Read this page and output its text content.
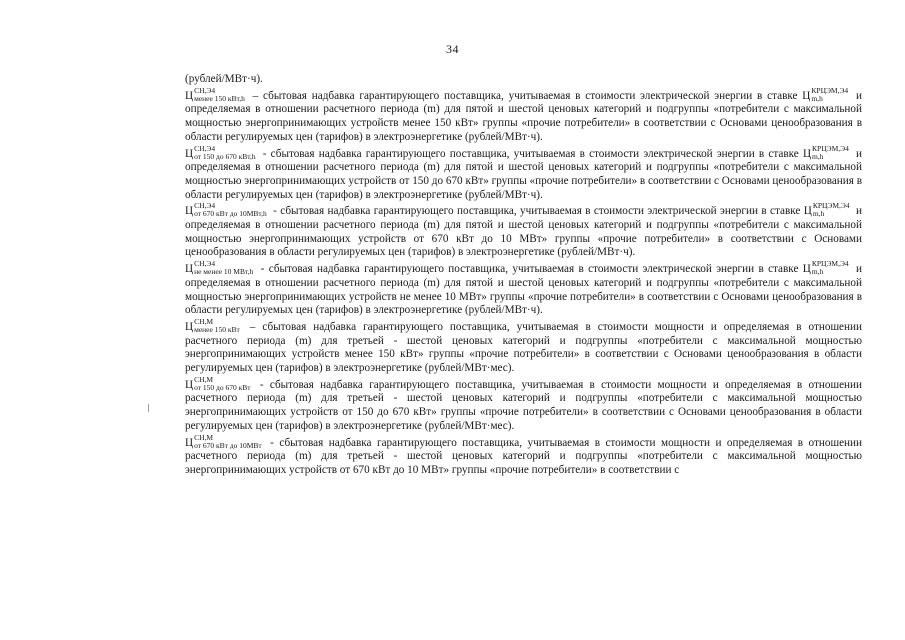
34

(рублей/МВт·ч).

Ц СН,Э4
менее 150 кВт,h – сбытовая надбавка гарантирующего поставщика, учитываемая в стоимости электрической энергии в ставке Ц КРЦЭМ,Э4
m,h	и определяемая в отношении расчетного периода (m) для пятой и шестой ценовых категорий и подгруппы «потребители с максимальной мощностью энергопринимающих устройств менее 150 кВт» группы «прочие потребители» в соответствии с Основами ценообразования в области регулируемых цен (тарифов) в электроэнергетике (рублей/МВт·ч).

Ц СН,Э4
от 150 до 670 кВт,h - сбытовая надбавка гарантирующего поставщика, учитываемая в стоимости электрической энергии в ставке Ц КРЦЭМ,Э4
m,h	и определяемая в отношении расчетного периода (m) для пятой и шестой ценовых категорий и подгруппы «потребители с максимальной мощностью энергопринимающих устройств от 150 до 670 кВт» группы «прочие потребители» в соответствии с Основами ценообразования в области регулируемых цен (тарифов) в электроэнергетике (рублей/МВт·ч).

Ц СН,Э4
от 670 кВт до 10МВт,h - сбытовая надбавка гарантирующего поставщика, учитываемая в стоимости электрической энергии в ставке Ц КРЦЭМ,Э4
m,h	и определяемая в отношении расчетного периода (m) для пятой и шестой ценовых категорий и подгруппы «потребители с максимальной мощностью энергопринимающих устройств от 670 кВт до 10 МВт» группы «прочие потребители» в соответствии с Основами ценообразования в области регулируемых цен (тарифов) в электроэнергетике (рублей/МВт·ч).

Ц СН,Э4
не менее 10 МВт,h - сбытовая надбавка гарантирующего поставщика, учитываемая в стоимости электрической энергии в ставке Ц КРЦЭМ,Э4
m,h	и определяемая в отношении расчетного периода (m) для пятой и шестой ценовых категорий и подгруппы «потребители с максимальной мощностью энергопринимающих устройств не менее 10 МВт» группы «прочие потребители» в соответствии с Основами ценообразования в области регулируемых цен (тарифов) в электроэнергетике (рублей/МВт·ч).

Ц СН,М
менее 150 кВт – сбытовая надбавка гарантирующего поставщика, учитываемая в стоимости мощности и определяемая в отношении расчетного периода (m) для третьей - шестой ценовых категорий и подгруппы «потребители с максимальной мощностью энергопринимающих устройств менее 150 кВт» группы «прочие потребители» в соответствии с Основами ценообразования в области регулируемых цен (тарифов) в электроэнергетике (рублей/МВт·мес).

Ц СН,М
от 150 до 670 кВт - сбытовая надбавка гарантирующего поставщика, учитываемая в стоимости мощности и определяемая в отношении расчетного периода (m) для третьей - шестой ценовых категорий и подгруппы «потребители с максимальной мощностью энергопринимающих устройств от 150 до 670 кВт» группы «прочие потребители» в соответствии с Основами ценообразования в области регулируемых цен (тарифов) в электроэнергетике (рублей/МВт·мес).

Ц СН,М
от 670 кВт до 10МВт - сбытовая надбавка гарантирующего поставщика, учитываемая в стоимости мощности и определяемая в отношении расчетного периода (m) для третьей - шестой ценовых категорий и подгруппы «потребители с максимальной мощностью энергопринимающих устройств от 670 кВт до 10 МВт» группы «прочие потребители» в соответствии с
